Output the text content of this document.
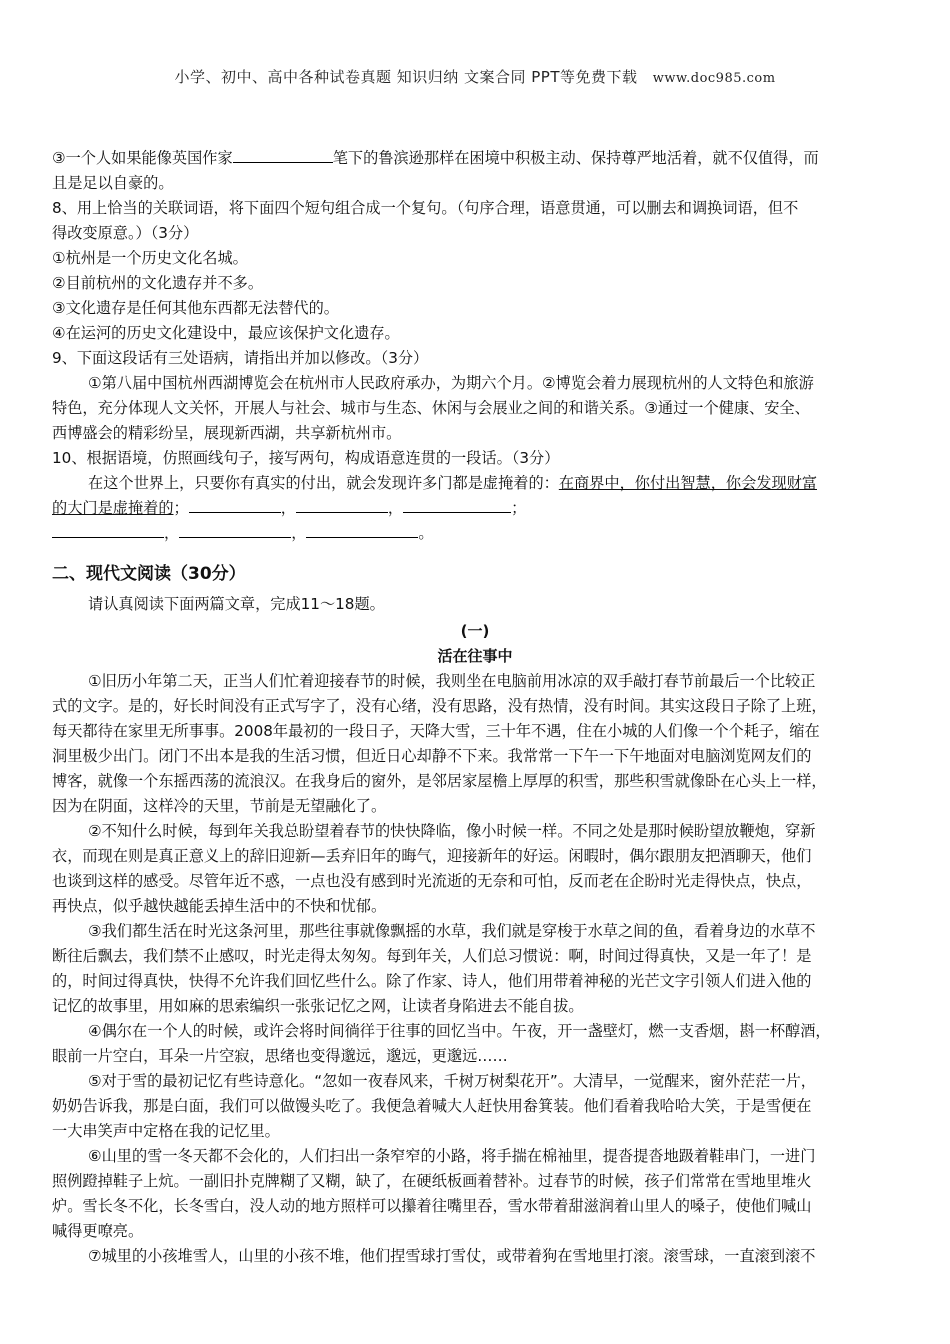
小学、初中、高中各种试卷真题 知识归纳 文案合同 PPT等免费下载 www.doc985.com
③一个人如果能像英国作家	笔下的鲁滨逊那样在困境中积极主动、保持尊严地活着，就不仅值得，而
且是足以自豪的。
8、用上恰当的关联词语，将下面四个短句组合成一个复句。（句序合理，语意贯通，可以删去和调换词语，但不
得改变原意。）（3分）
①杭州是一个历史文化名城。
②目前杭州的文化遗存并不多。
③文化遗存是任何其他东西都无法替代的。
④在运河的历史文化建设中，最应该保护文化遗存。
9、下面这段话有三处语病，请指出并加以修改。（3分）
①第八届中国杭州西湖博览会在杭州市人民政府承办，为期六个月。②博览会着力展现杭州的人文特色和旅游
特色，充分体现人文关怀，开展人与社会、城市与生态、休闲与会展业之间的和谐关系。③通过一个健康、安全、
西博盛会的精彩纷呈，展现新西湖，共享新杭州市。
10、根据语境，仿照画线句子，接写两句，构成语意连贯的一段话。（3分）
在这个世界上，只要你有真实的付出，就会发现许多门都是虚掩着的：在商界中，你付出智慧，你会发现财富
的大门是虚掩着的；	，	，	；
，	，	。
二、现代文阅读（30分）
请认真阅读下面两篇文章，完成11～18题。
(一)
活在往事中
①旧历小年第二天，正当人们忙着迎接春节的时候，我则坐在电脑前用冰凉的双手敲打春节前最后一个比较正
式的文字。是的，好长时间没有正式写字了，没有心绪，没有思路，没有热情，没有时间。其实这段日子除了上班，
每天都待在家里无所事事。2008年最初的一段日子，天降大雪，三十年不遇，住在小城的人们像一个个耗子，缩在
洞里极少出门。闭门不出本是我的生活习惯，但近日心却静不下来。我常常一下午一下午地面对电脑浏览网友们的
博客，就像一个东摇西荡的流浪汉。在我身后的窗外，是邻居家屋檐上厚厚的积雪，那些积雪就像卧在心头上一样，
因为在阴面，这样冷的天里，节前是无望融化了。
②不知什么时候，每到年关我总盼望着春节的快快降临，像小时候一样。不同之处是那时候盼望放鞭炮，穿新
衣，而现在则是真正意义上的辞旧迎新—丢弃旧年的晦气，迎接新年的好运。闲暇时，偶尔跟朋友把酒聊天，他们
也谈到这样的感受。尽管年近不惑，一点也没有感到时光流逝的无奈和可怕，反而老在企盼时光走得快点，快点，
再快点，似乎越快越能丢掉生活中的不快和忧郁。
③我们都生活在时光这条河里，那些往事就像飘摇的水草，我们就是穿梭于水草之间的鱼，看着身边的水草不
断往后飘去，我们禁不止感叹，时光走得太匆匆。每到年关，人们总习惯说：啊，时间过得真快，又是一年了！是
的，时间过得真快，快得不允许我们回忆些什么。除了作家、诗人，他们用带着神秘的光芒文字引领人们进入他的
记忆的故事里，用如麻的思索编织一张张记忆之网，让读者身陷进去不能自拔。
④偶尔在一个人的时候，或许会将时间徜徉于往事的回忆当中。午夜，开一盏壁灯，燃一支香烟，斟一杯醇酒，
眼前一片空白，耳朵一片空寂，思绪也变得邈远，邈远，更邈远……
⑤对于雪的最初记忆有些诗意化。“忽如一夜春风来，千树万树梨花开”。大清早，一觉醒来，窗外茫茫一片，
奶奶告诉我，那是白面，我们可以做馒头吃了。我便急着喊大人赶快用畚箕装。他们看着我哈哈大笑，于是雪便在
一大串笑声中定格在我的记忆里。
⑥山里的雪一冬天都不会化的，人们扫出一条窄窄的小路，将手揣在棉袖里，提沓提沓地趿着鞋串门，一进门
照例蹬掉鞋子上炕。一副旧扑克牌糊了又糊，缺了，在硬纸板画着替补。过春节的时候，孩子们常常在雪地里堆火
炉。雪长冬不化，长冬雪白，没人动的地方照样可以攥着往嘴里吞，雪水带着甜滋润着山里人的嗓子，使他们喊山
喊得更嘹亮。
⑦城里的小孩堆雪人，山里的小孩不堆，他们捏雪球打雪仗，或带着狗在雪地里打滚。滚雪球，一直滚到滚不
